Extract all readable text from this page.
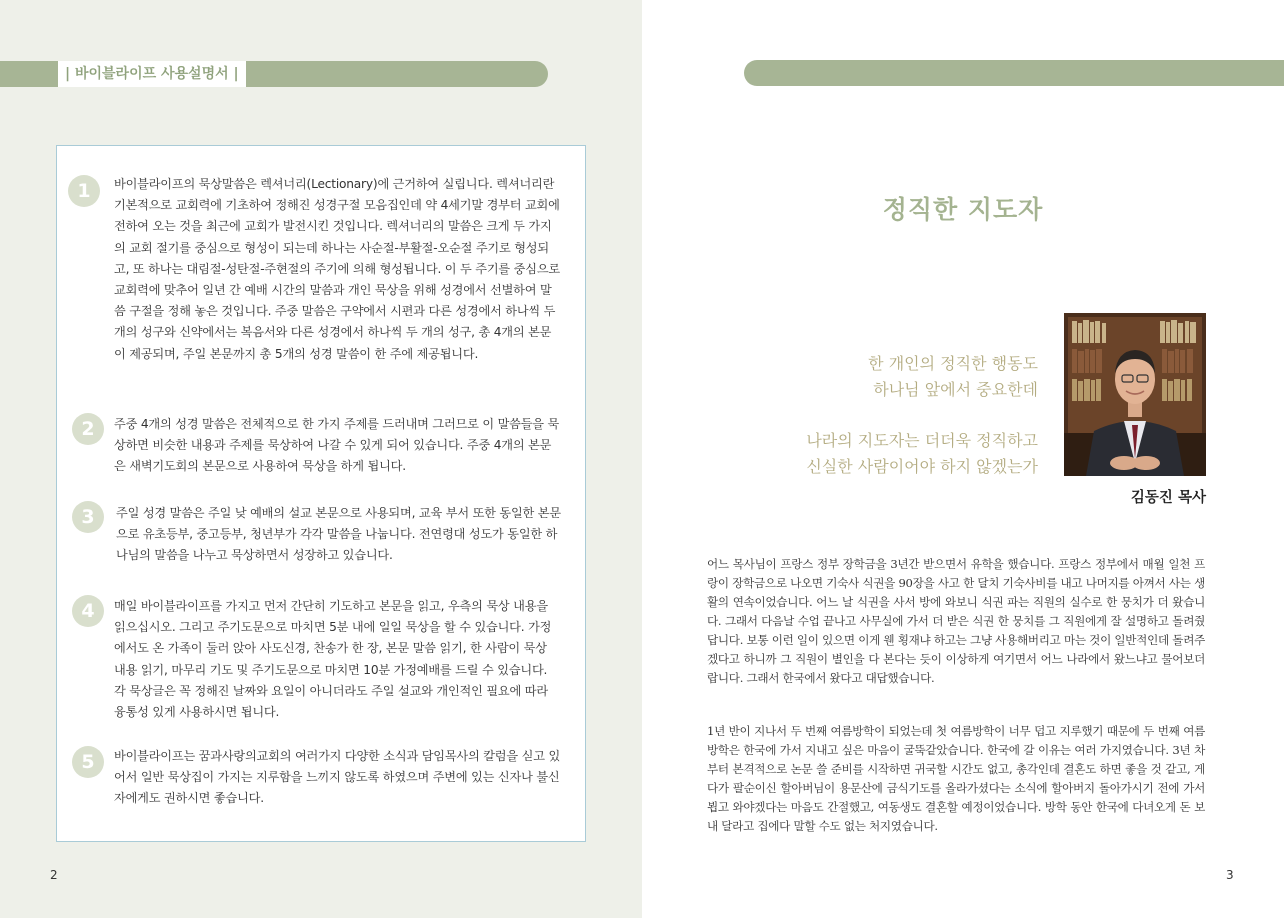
| 바이블라이프 사용설명서 |
1	바이블라이프의 묵상말씀은 렉셔너리(Lectionary)에 근거하여 실립니다. 렉셔너리란 기본적으로 교회력에 기초하여 정해진 성경구절 모음집인데 약 4세기말 경부터 교회에 전하여 오는 것을 최근에 교회가 발전시킨 것입니다. 렉셔너리의 말씀은 크게 두 가지의 교회 절기를 중심으로 형성이 되는데 하나는 사순절-부활절-오순절 주기로 형성되고, 또 하나는 대림절-성탄절-주현절의 주기에 의해 형성됩니다. 이 두 주기를 중심으로 교회력에 맞추어 일년 간 예배 시간의 말씀과 개인 묵상을 위해 성경에서 선별하여 말씀 구절을 정해 놓은 것입니다. 주중 말씀은 구약에서 시편과 다른 성경에서 하나씩 두 개의 성구와 신약에서는 복음서와 다른 성경에서 하나씩 두 개의 성구, 총 4개의 본문이 제공되며, 주일 본문까지 총 5개의 성경 말씀이 한 주에 제공됩니다.
2	주중 4개의 성경 말씀은 전체적으로 한 가지 주제를 드러내며 그러므로 이 말씀들을 묵상하면 비슷한 내용과 주제를 묵상하여 나갈 수 있게 되어 있습니다. 주중 4개의 본문은 새벽기도회의 본문으로 사용하여 묵상을 하게 됩니다.
3	주일 성경 말씀은 주일 낮 예배의 설교 본문으로 사용되며, 교육 부서 또한 동일한 본문으로 유초등부, 중고등부, 청년부가 각각 말씀을 나눕니다. 전연령대 성도가 동일한 하나님의 말씀을 나누고 묵상하면서 성장하고 있습니다.
4	매일 바이블라이프를 가지고 먼저 간단히 기도하고 본문을 읽고, 우측의 묵상 내용을 읽으십시오. 그리고 주기도문으로 마치면 5분 내에 일일 묵상을 할 수 있습니다. 가정에서도 온 가족이 둘러 앉아 사도신경, 찬송가 한 장, 본문 말씀 읽기, 한 사람이 묵상 내용 읽기, 마무리 기도 및 주기도문으로 마치면 10분 가정예배를 드릴 수 있습니다. 각 묵상글은 꼭 정해진 날짜와 요일이 아니더라도 주일 설교와 개인적인 필요에 따라 융통성 있게 사용하시면 됩니다.
5	바이블라이프는 꿈과사랑의교회의 여러가지 다양한 소식과 담임목사의 칼럼을 싣고 있어서 일반 묵상집이 가지는 지루함을 느끼지 않도록 하였으며 주변에 있는 신자나 불신자에게도 권하시면 좋습니다.
2
정직한 지도자
한 개인의 정직한 행동도
하나님 앞에서 중요한데
나라의 지도자는 더더욱 정직하고
신실한 사람이어야 하지 않겠는가
김동진 목사
어느 목사님이 프랑스 정부 장학금을 3년간 받으면서 유학을 했습니다. 프랑스 정부에서 매월 일천 프랑이 장학금으로 나오면 기숙사 식권을 90장을 사고 한 달치 기숙사비를 내고 나머지를 아껴서 사는 생활의 연속이었습니다. 어느 날 식권을 사서 방에 와보니 식권 파는 직원의 실수로 한 뭉치가 더 왔습니다. 그래서 다음날 수업 끝나고 사무실에 가서 더 받은 식권 한 뭉치를 그 직원에게 잘 설명하고 돌려줬답니다. 보통 이런 일이 있으면 이게 웬 횡재냐 하고는 그냥 사용해버리고 마는 것이 일반적인데 돌려주겠다고 하니까 그 직원이 별인을 다 본다는 듯이 이상하게 여기면서 어느 나라에서 왔느냐고 물어보더랍니다. 그래서 한국에서 왔다고 대답했습니다.
1년 반이 지나서 두 번째 여름방학이 되었는데 첫 여름방학이 너무 덥고 지루했기 때문에 두 번째 여름방학은 한국에 가서 지내고 싶은 마음이 굴뚝같았습니다. 한국에 갈 이유는 여러 가지였습니다. 3년 차부터 본격적으로 논문 쓸 준비를 시작하면 귀국할 시간도 없고, 총각인데 결혼도 하면 좋을 것 같고, 게다가 팔순이신 할아버님이 용문산에 금식기도를 올라가셨다는 소식에 할아버지 돌아가시기 전에 가서 뵙고 와야겠다는 마음도 간절했고, 여동생도 결혼할 예정이었습니다. 방학 동안 한국에 다녀오게 돈 보내 달라고 집에다 말할 수도 없는 처지였습니다.
3
